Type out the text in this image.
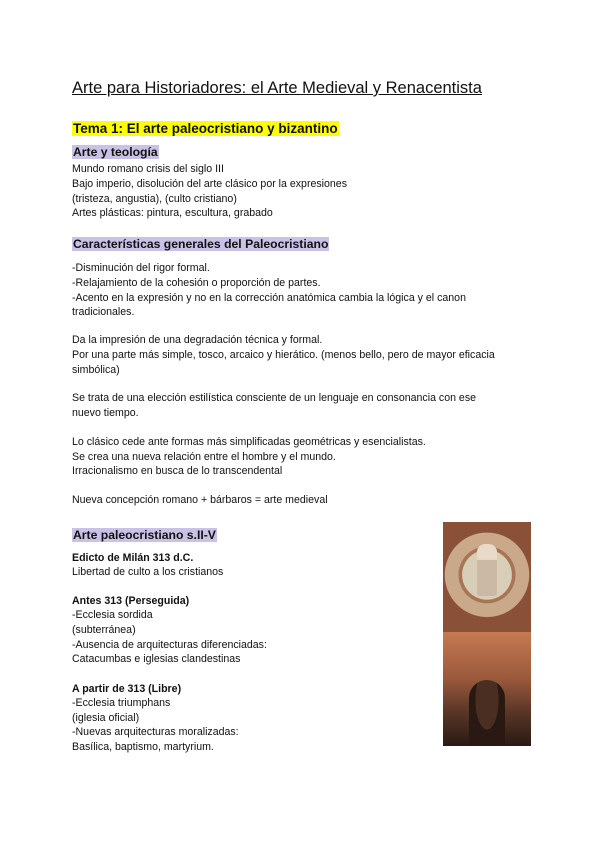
Arte para Historiadores: el Arte Medieval y Renacentista
Tema 1: El arte paleocristiano y bizantino
Arte y teología
Mundo romano crisis del siglo III
Bajo imperio, disolución del arte clásico por la expresiones
(tristeza, angustia), (culto cristiano)
Artes plásticas: pintura, escultura, grabado
Características generales del Paleocristiano
-Disminución del rigor formal.
-Relajamiento de la cohesión o proporción de partes.
-Acento en la expresión y no en la corrección anatómica cambia la lógica y el canon
tradicionales.
Da la impresión de una degradación técnica y formal.
Por una parte más simple, tosco, arcaico y hierático. (menos bello, pero de mayor eficacia
simbólica)
Se trata de una elección estilística consciente de un lenguaje en consonancia con ese
nuevo tiempo.
Lo clásico cede ante formas más simplificadas geométricas y esencialistas.
Se crea una nueva relación entre el hombre y el mundo.
Irracionalismo en busca de lo transcendental
Nueva concepción romano + bárbaros = arte medieval
Arte paleocristiano s.II-V
Edicto de Milán 313 d.C.
Libertad de culto a los cristianos
Antes 313 (Perseguida)
-Ecclesia sordida
(subterránea)
-Ausencia de arquitecturas diferenciadas:
Catacumbas e iglesias clandestinas
A partir de 313 (Libre)
-Ecclesia triumphans
(iglesia oficial)
-Nuevas arquitecturas moralizadas:
Basílica, baptismo, martyrium.
